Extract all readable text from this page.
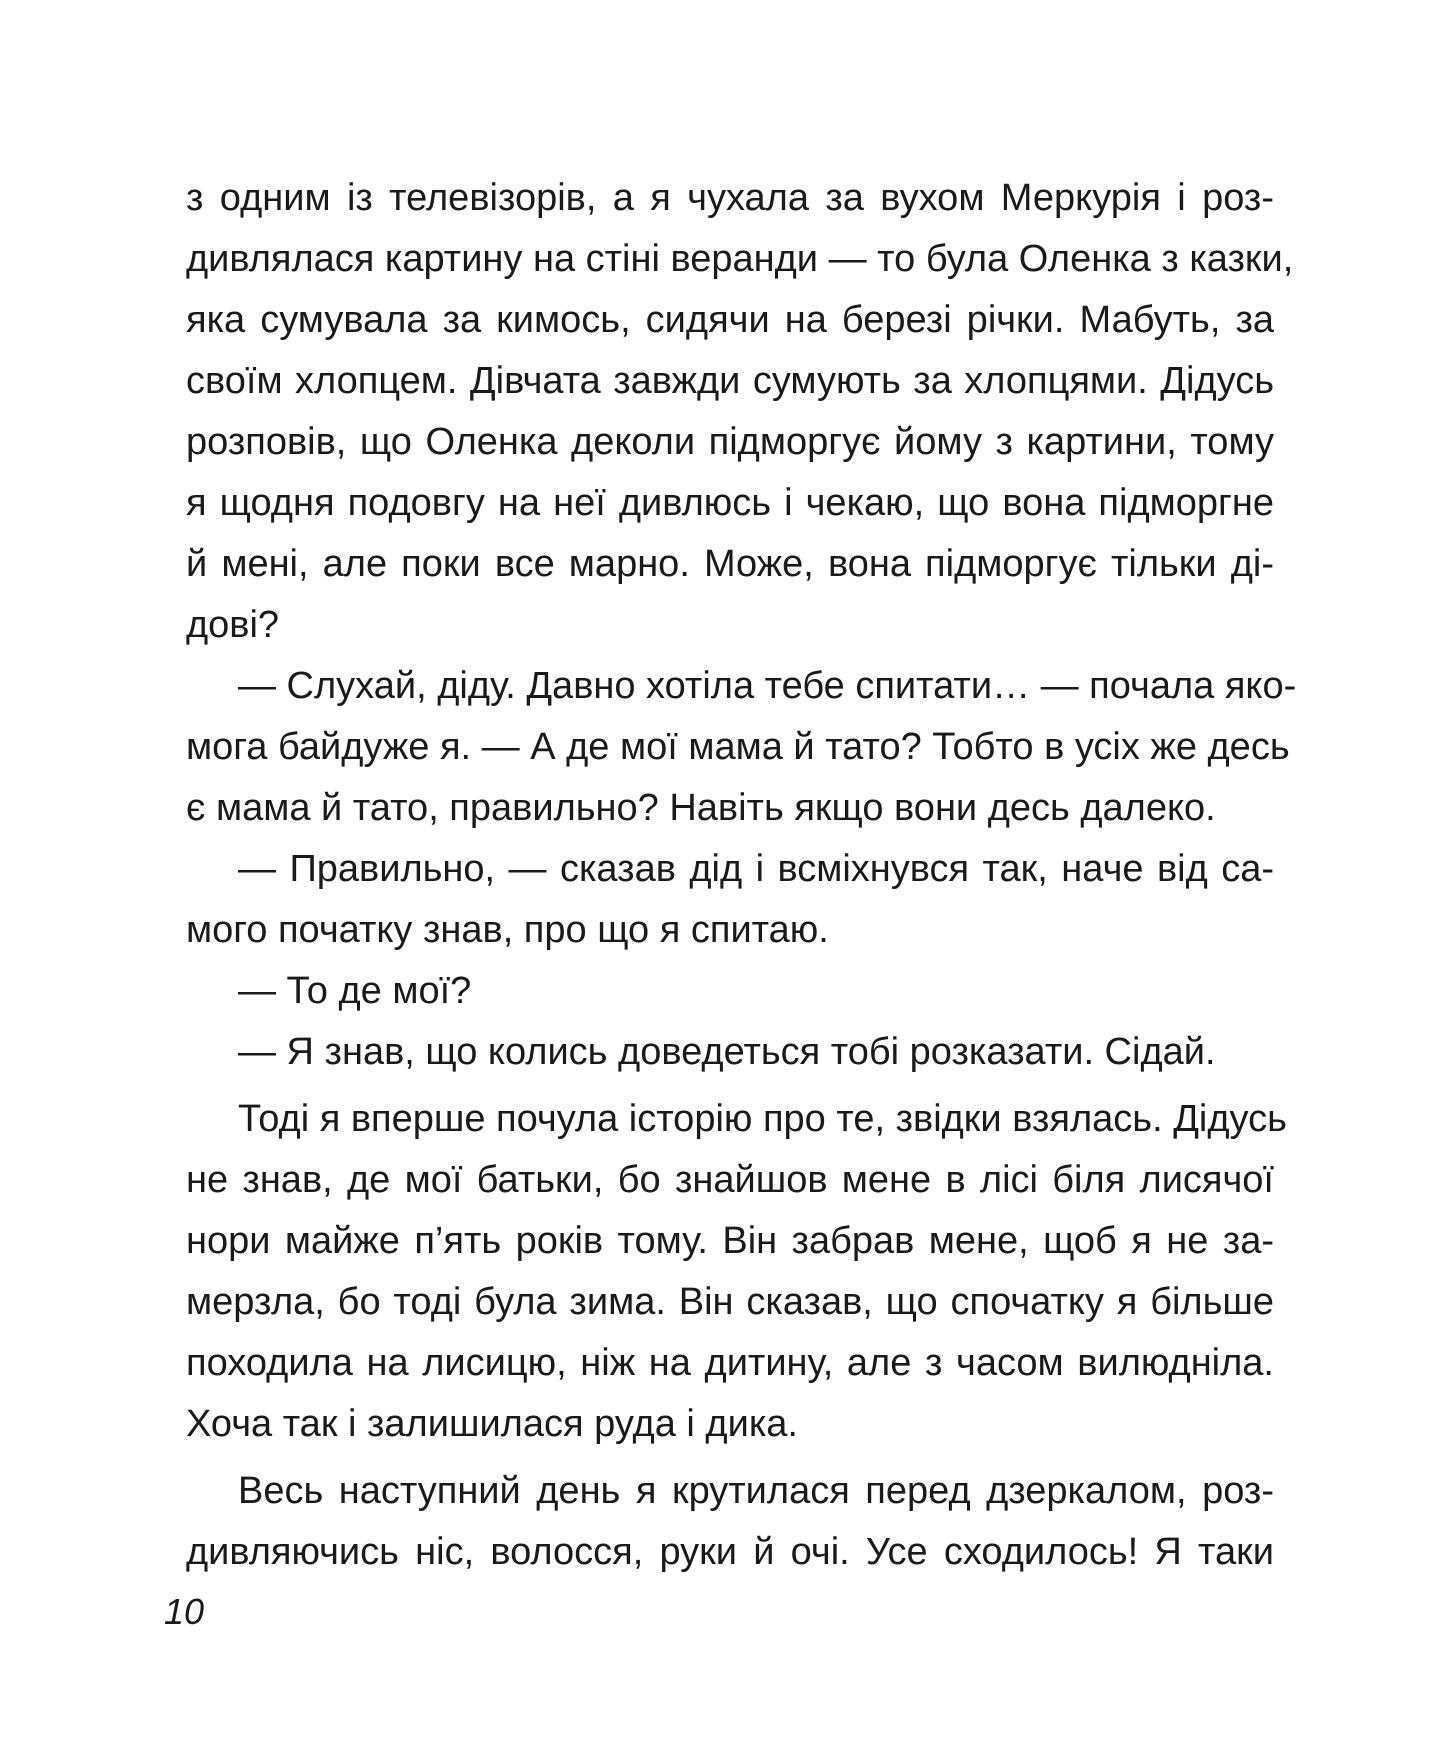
з одним із телевізорів, а я чухала за вухом Меркурія і роз-
дивлялася картину на стіні веранди — то була Оленка з казки,
яка сумувала за кимось, сидячи на березі річки. Мабуть, за
своїм хлопцем. Дівчата завжди сумують за хлопцями. Дідусь
розповів, що Оленка деколи підморгує йому з картини, тому
я щодня подовгу на неї дивлюсь і чекаю, що вона підморгне
й мені, але поки все марно. Може, вона підморгує тільки ді-
дові?
— Слухай, діду. Давно хотіла тебе спитати… — почала яко-
мога байдуже я. — А де мої мама й тато? Тобто в усіх же десь
є мама й тато, правильно? Навіть якщо вони десь далеко.
— Правильно, — сказав дід і всміхнувся так, наче від са-
мого початку знав, про що я спитаю.
— То де мої?
— Я знав, що колись доведеться тобі розказати. Сідай.
Тоді я вперше почула історію про те, звідки взялась. Дідусь
не знав, де мої батьки, бо знайшов мене в лісі біля лисячої
нори майже п’ять років тому. Він забрав мене, щоб я не за-
мерзла, бо тоді була зима. Він сказав, що спочатку я більше
походила на лисицю, ніж на дитину, але з часом вилюдніла.
Хоча так і залишилася руда і дика.
Весь наступний день я крутилася перед дзеркалом, роз-
дивляючись ніс, волосся, руки й очі. Усе сходилось! Я таки
10
